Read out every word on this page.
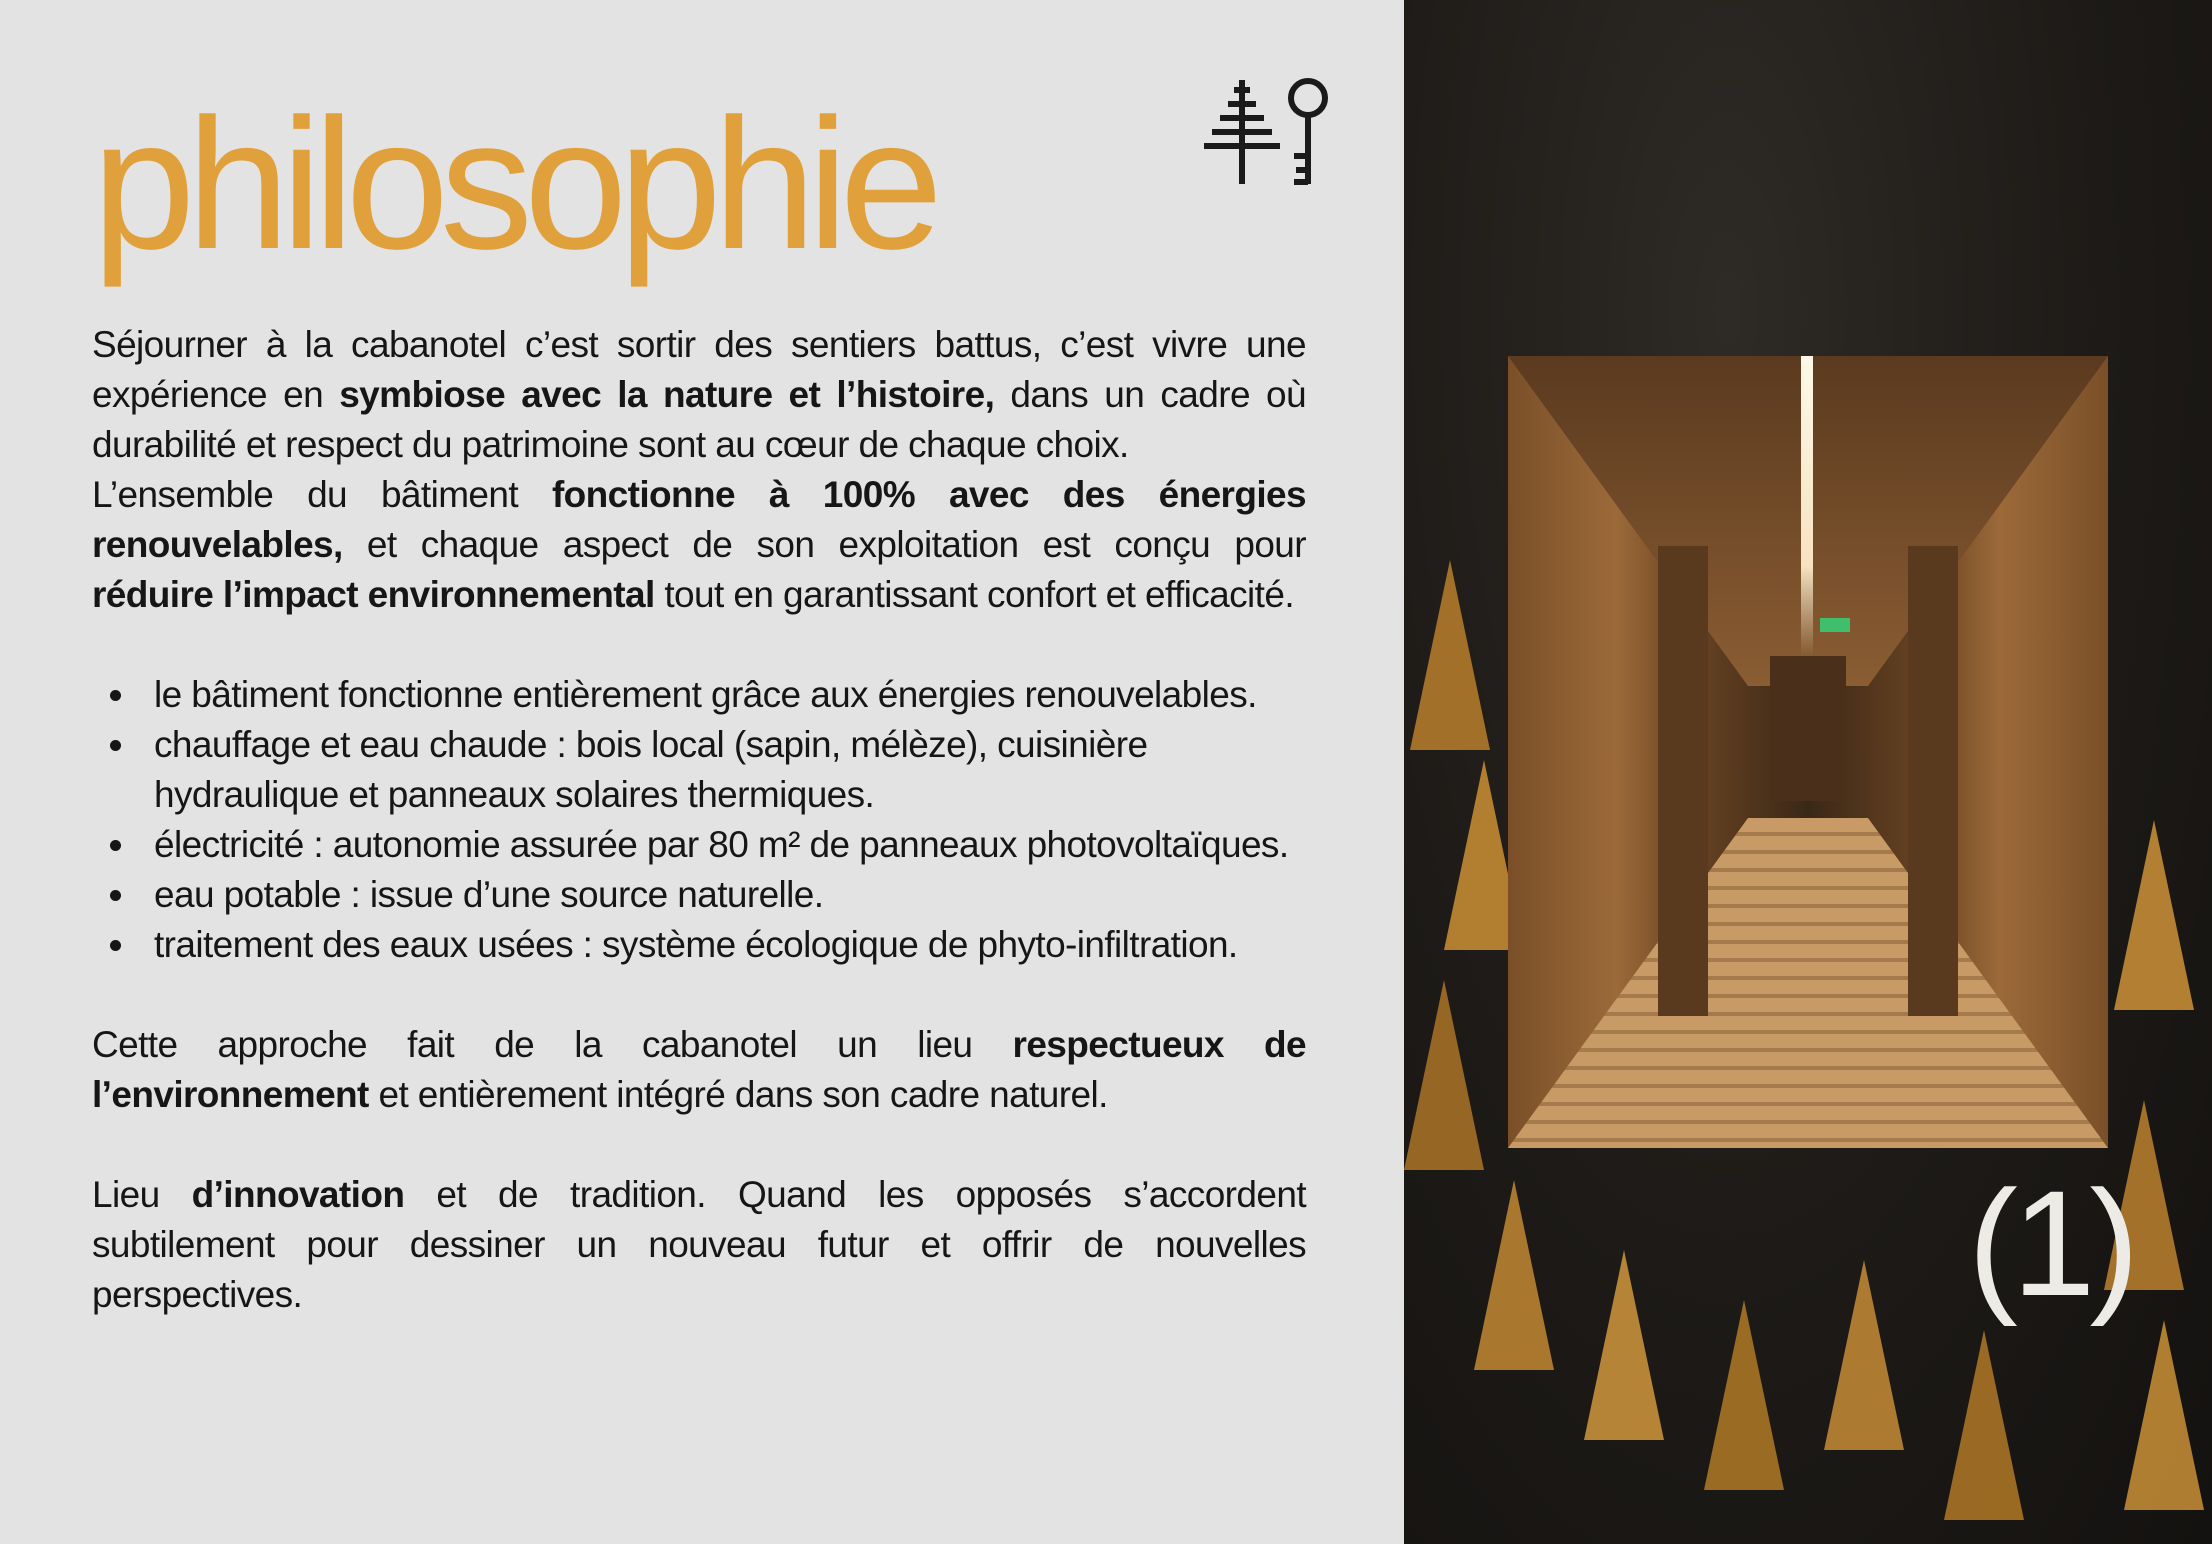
philosophie

Séjourner à la cabanotel c’est sortir des sentiers battus, c’est vivre une expérience en symbiose avec la nature et l’histoire, dans un cadre où durabilité et respect du patrimoine sont au cœur de chaque choix.

L’ensemble du bâtiment fonctionne à 100% avec des énergies renouvelables, et chaque aspect de son exploitation est conçu pour réduire l’impact environnemental tout en garantissant confort et efficacité.

le bâtiment fonctionne entièrement grâce aux énergies renouvelables.
chauffage et eau chaude : bois local (sapin, mélèze), cuisinière hydraulique et panneaux solaires thermiques.
électricité : autonomie assurée par 80 m² de panneaux photovoltaïques.
eau potable : issue d’une source naturelle.
traitement des eaux usées : système écologique de phyto-infiltration.

Cette approche fait de la cabanotel un lieu respectueux de l’environnement et entièrement intégré dans son cadre naturel.

Lieu d’innovation et de tradition. Quand les opposés s’accordent subtilement pour dessiner un nouveau futur et offrir de nouvelles perspectives.	(1)
